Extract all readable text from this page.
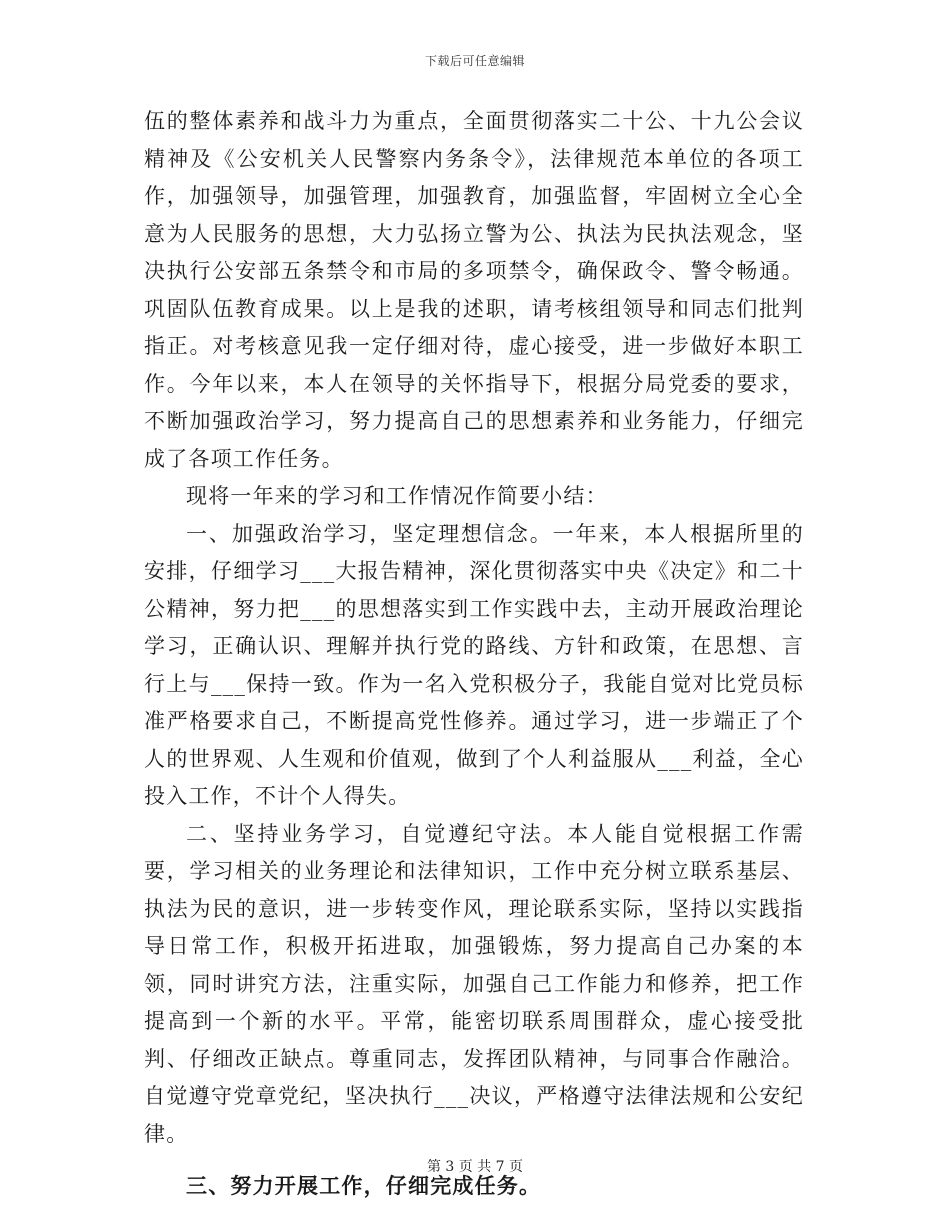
下载后可任意编辑

伍的整体素养和战斗力为重点，全面贯彻落实二十公、十九公会议精神及《公安机关人民警察内务条令》，法律规范本单位的各项工作，加强领导，加强管理，加强教育，加强监督，牢固树立全心全意为人民服务的思想，大力弘扬立警为公、执法为民执法观念，坚决执行公安部五条禁令和市局的多项禁令，确保政令、警令畅通。巩固队伍教育成果。以上是我的述职，请考核组领导和同志们批判指正。对考核意见我一定仔细对待，虚心接受，进一步做好本职工作。今年以来，本人在领导的关怀指导下，根据分局党委的要求，不断加强政治学习，努力提高自己的思想素养和业务能力，仔细完成了各项工作任务。

现将一年来的学习和工作情况作简要小结：

一、加强政治学习，坚定理想信念。一年来，本人根据所里的安排，仔细学习___大报告精神，深化贯彻落实中央《决定》和二十公精神，努力把___的思想落实到工作实践中去，主动开展政治理论学习，正确认识、理解并执行党的路线、方针和政策，在思想、言行上与___保持一致。作为一名入党积极分子，我能自觉对比党员标准严格要求自己，不断提高党性修养。通过学习，进一步端正了个人的世界观、人生观和价值观，做到了个人利益服从___利益，全心投入工作，不计个人得失。

二、坚持业务学习，自觉遵纪守法。本人能自觉根据工作需要，学习相关的业务理论和法律知识，工作中充分树立联系基层、执法为民的意识，进一步转变作风，理论联系实际，坚持以实践指导日常工作，积极开拓进取，加强锻炼，努力提高自己办案的本领，同时讲究方法，注重实际，加强自己工作能力和修养，把工作提高到一个新的水平。平常，能密切联系周围群众，虚心接受批判、仔细改正缺点。尊重同志，发挥团队精神，与同事合作融洽。自觉遵守党章党纪，坚决执行___决议，严格遵守法律法规和公安纪律。

三、努力开展工作，仔细完成任务。

第 3 页 共 7 页
